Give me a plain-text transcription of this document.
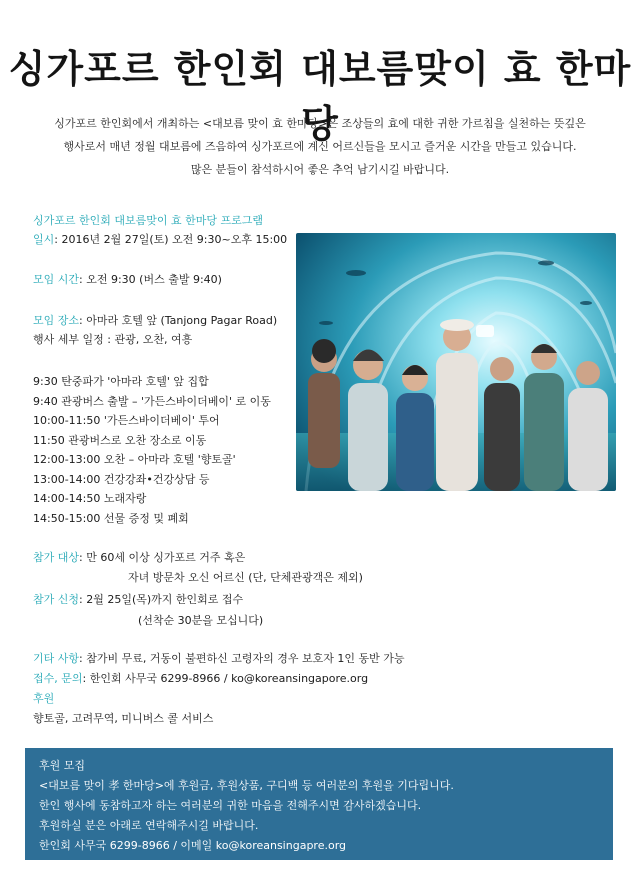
싱가포르 한인회 대보름맞이 효 한마당
싱가포르 한인회에서 개최하는 <대보름 맞이 효 한마당>은 조상들의 효에 대한 귀한 가르침을 실천하는 뜻깊은
행사로서 매년 정월 대보름에 즈음하여 싱가포르에 계신 어르신들을 모시고 즐거운 시간을 만들고 있습니다.
많은 분들이 참석하시어 좋은 추억 남기시길 바랍니다.
싱가포르 한인회 대보름맞이 효 한마당 프로그램
일시: 2016년 2월 27일(토) 오전 9:30~오후 15:00
모임 시간: 오전 9:30 (버스 출발 9:40)
모임 장소: 아마라 호텔 앞 (Tanjong Pagar Road)
행사 세부 일정 : 관광, 오찬, 여흥
9:30 탄중파가 '아마라 호텔' 앞 집합
9:40 관광버스 출발 – '가든스바이더베이' 로 이동
10:00-11:50 '가든스바이더베이' 투어
11:50 관광버스로 오찬 장소로 이동
12:00-13:00 오찬 – 아마라 호텔 '향토골'
13:00-14:00 건강강좌•건강상담 등
14:00-14:50 노래자랑
14:50-15:00 선물 증정 및 폐회
참가 대상: 만 60세 이상 싱가포르 거주 혹은
자녀 방문차 오신 어르신 (단, 단체관광객은 제외)
참가 신청: 2월 25일(목)까지 한인회로 접수
(선착순 30분을 모십니다)
기타 사항: 참가비 무료, 거동이 불편하신 고령자의 경우 보호자 1인 동반 가능
접수, 문의: 한인회 사무국 6299-8966 / ko@koreansingapore.org
후원
향토골, 고려무역, 미니버스 콜 서비스
후원 모집
<대보름 맞이 孝 한마당>에 후원금, 후원상품, 구디백 등 여러분의 후원을 기다립니다.
한인 행사에 동참하고자 하는 여러분의 귀한 마음을 전해주시면 감사하겠습니다.
후원하실 분은 아래로 연락해주시길 바랍니다.
한인회 사무국 6299-8966 / 이메일 ko@koreansingapre.org
